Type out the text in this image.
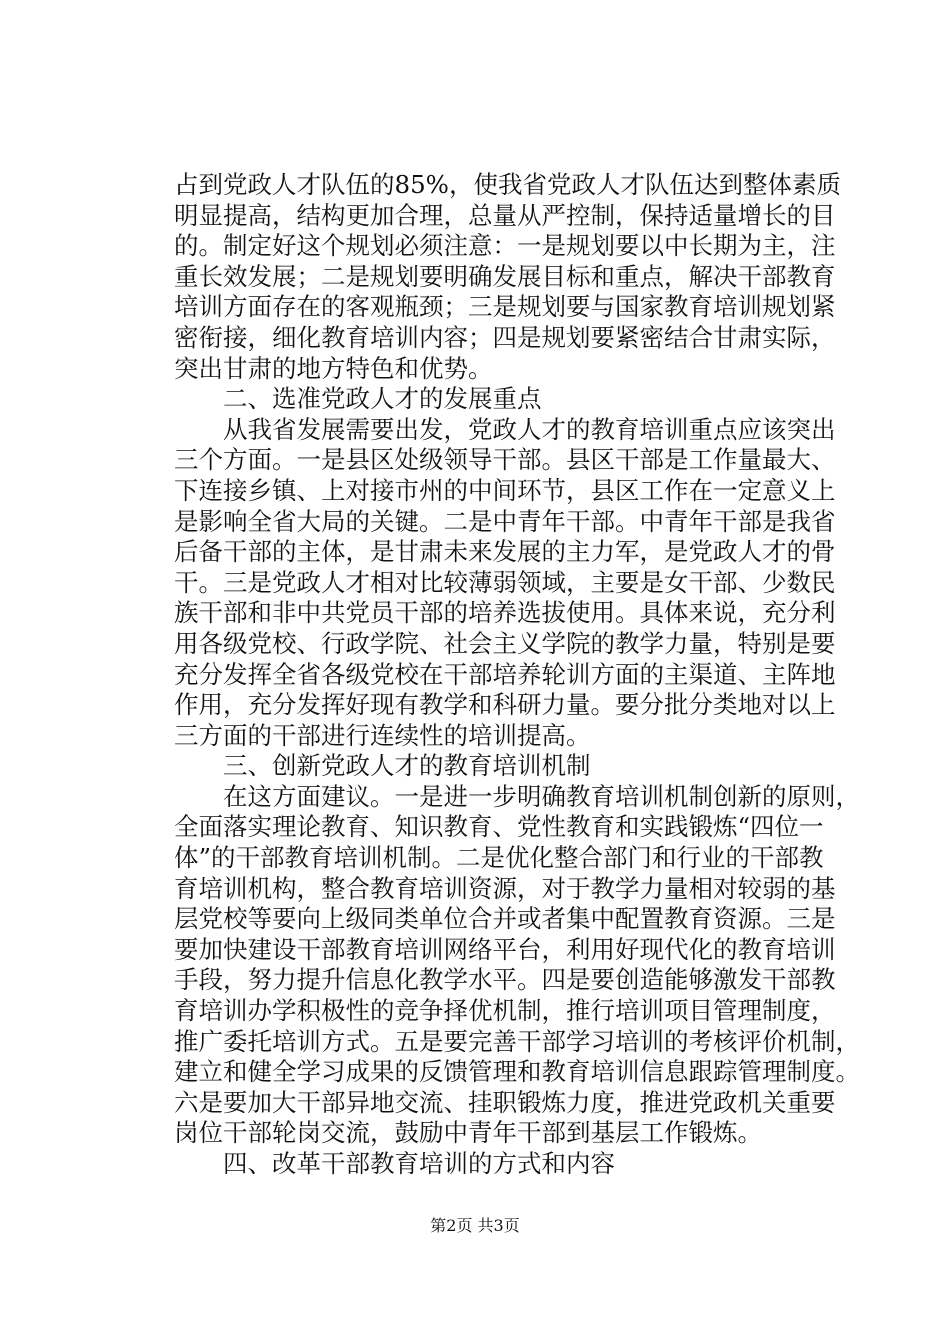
占到党政人才队伍的85%，使我省党政人才队伍达到整体素质
明显提高，结构更加合理，总量从严控制，保持适量增长的目
的。制定好这个规划必须注意：一是规划要以中长期为主，注
重长效发展；二是规划要明确发展目标和重点，解决干部教育
培训方面存在的客观瓶颈；三是规划要与国家教育培训规划紧
密衔接，细化教育培训内容；四是规划要紧密结合甘肃实际，
突出甘肃的地方特色和优势。
二、选准党政人才的发展重点
从我省发展需要出发，党政人才的教育培训重点应该突出
三个方面。一是县区处级领导干部。县区干部是工作量最大、
下连接乡镇、上对接市州的中间环节，县区工作在一定意义上
是影响全省大局的关键。二是中青年干部。中青年干部是我省
后备干部的主体，是甘肃未来发展的主力军，是党政人才的骨
干。三是党政人才相对比较薄弱领域，主要是女干部、少数民
族干部和非中共党员干部的培养选拔使用。具体来说，充分利
用各级党校、行政学院、社会主义学院的教学力量，特别是要
充分发挥全省各级党校在干部培养轮训方面的主渠道、主阵地
作用，充分发挥好现有教学和科研力量。要分批分类地对以上
三方面的干部进行连续性的培训提高。
三、创新党政人才的教育培训机制
在这方面建议。一是进一步明确教育培训机制创新的原则，
全面落实理论教育、知识教育、党性教育和实践锻炼“四位一
体”的干部教育培训机制。二是优化整合部门和行业的干部教
育培训机构，整合教育培训资源，对于教学力量相对较弱的基
层党校等要向上级同类单位合并或者集中配置教育资源。三是
要加快建设干部教育培训网络平台，利用好现代化的教育培训
手段，努力提升信息化教学水平。四是要创造能够激发干部教
育培训办学积极性的竞争择优机制，推行培训项目管理制度，
推广委托培训方式。五是要完善干部学习培训的考核评价机制，
建立和健全学习成果的反馈管理和教育培训信息跟踪管理制度。
六是要加大干部异地交流、挂职锻炼力度，推进党政机关重要
岗位干部轮岗交流，鼓励中青年干部到基层工作锻炼。
四、改革干部教育培训的方式和内容
第2页 共3页
